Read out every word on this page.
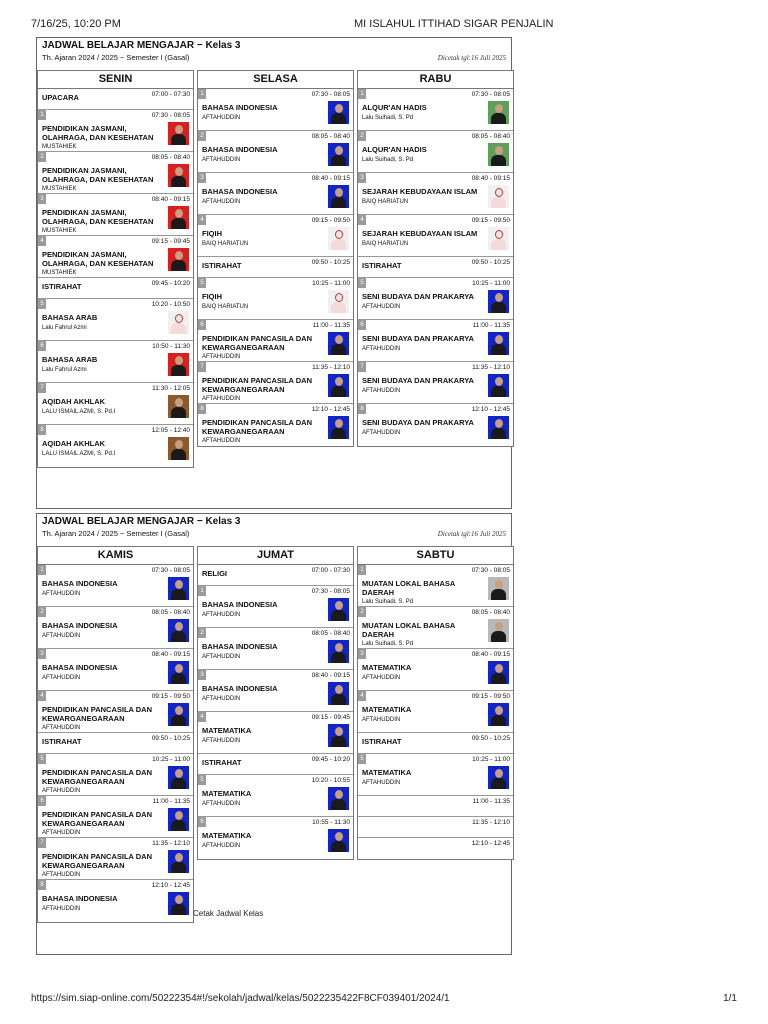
7/16/25, 10:20 PM	MI ISLAHUL ITTIHAD SIGAR PENJALIN
JADWAL BELAJAR MENGAJAR − Kelas 3
Th. Ajaran 2024 / 2025 − Semester I (Gasal)	Dicetak tgl:16 Juli 2025
SENIN
07:00 - 07:30
UPACARA
1	07:30 - 08:05
PENDIDIKAN JASMANI, OLAHRAGA, DAN KESEHATAN
MUSTAHIEK
2	08:05 - 08:40
PENDIDIKAN JASMANI, OLAHRAGA, DAN KESEHATAN
MUSTAHIEK
3	08:40 - 09:15
PENDIDIKAN JASMANI, OLAHRAGA, DAN KESEHATAN
MUSTAHIEK
4	09:15 - 09:45
PENDIDIKAN JASMANI, OLAHRAGA, DAN KESEHATAN
MUSTAHIEK
09:45 - 10:20
ISTIRAHAT
5	10:20 - 10:50
BAHASA ARAB
Lalu Fahrul Azmi
6	10:50 - 11:30
BAHASA ARAB
Lalu Fahrul Azmi
7	11:30 - 12:05
AQIDAH AKHLAK
LALU ISMAIL AZMI, S. Pd.I
8	12:05 - 12:40
AQIDAH AKHLAK
LALU ISMAIL AZMI, S. Pd.I
SELASA
1	07:30 - 08:05
BAHASA INDONESIA
AFTAHUDDIN
2	08:05 - 08:40
BAHASA INDONESIA
AFTAHUDDIN
3	08:40 - 09:15
BAHASA INDONESIA
AFTAHUDDIN
4	09:15 - 09:50
FIQIH
BAIQ HARIATUN
09:50 - 10:25
ISTIRAHAT
5	10:25 - 11:00
FIQIH
BAIQ HARIATUN
6	11:00 - 11:35
PENDIDIKAN PANCASILA DAN KEWARGANEGARAAN
AFTAHUDDIN
7	11:35 - 12:10
PENDIDIKAN PANCASILA DAN KEWARGANEGARAAN
AFTAHUDDIN
8	12:10 - 12:45
PENDIDIKAN PANCASILA DAN KEWARGANEGARAAN
AFTAHUDDIN
RABU
1	07:30 - 08:05
ALQUR'AN HADIS
Lalu Suihadi, S. Pd
2	08:05 - 08:40
ALQUR'AN HADIS
Lalu Suihadi, S. Pd
3	08:40 - 09:15
SEJARAH KEBUDAYAAN ISLAM
BAIQ HARIATUN
4	09:15 - 09:50
SEJARAH KEBUDAYAAN ISLAM
BAIQ HARIATUN
09:50 - 10:25
ISTIRAHAT
5	10:25 - 11:00
SENI BUDAYA DAN PRAKARYA
AFTAHUDDIN
6	11:00 - 11:35
SENI BUDAYA DAN PRAKARYA
AFTAHUDDIN
7	11:35 - 12:10
SENI BUDAYA DAN PRAKARYA
AFTAHUDDIN
8	12:10 - 12:45
SENI BUDAYA DAN PRAKARYA
AFTAHUDDIN
JADWAL BELAJAR MENGAJAR − Kelas 3
Th. Ajaran 2024 / 2025 − Semester I (Gasal)	Dicetak tgl:16 Juli 2025
KAMIS
1	07:30 - 08:05
BAHASA INDONESIA
AFTAHUDDIN
2	08:05 - 08:40
BAHASA INDONESIA
AFTAHUDDIN
3	08:40 - 09:15
BAHASA INDONESIA
AFTAHUDDIN
4	09:15 - 09:50
PENDIDIKAN PANCASILA DAN KEWARGANEGARAAN
AFTAHUDDIN
09:50 - 10:25
ISTIRAHAT
5	10:25 - 11:00
PENDIDIKAN PANCASILA DAN KEWARGANEGARAAN
AFTAHUDDIN
6	11:00 - 11:35
PENDIDIKAN PANCASILA DAN KEWARGANEGARAAN
AFTAHUDDIN
7	11:35 - 12:10
PENDIDIKAN PANCASILA DAN KEWARGANEGARAAN
AFTAHUDDIN
8	12:10 - 12:45
BAHASA INDONESIA
AFTAHUDDIN
JUMAT
07:00 - 07:30
RELIGI
1	07:30 - 08:05
BAHASA INDONESIA
AFTAHUDDIN
2	08:05 - 08:40
BAHASA INDONESIA
AFTAHUDDIN
3	08:40 - 09:15
BAHASA INDONESIA
AFTAHUDDIN
4	09:15 - 09:45
MATEMATIKA
AFTAHUDDIN
09:45 - 10:20
ISTIRAHAT
5	10:20 - 10:55
MATEMATIKA
AFTAHUDDIN
6	10:55 - 11:30
MATEMATIKA
AFTAHUDDIN
SABTU
1	07:30 - 08:05
MUATAN LOKAL BAHASA DAERAH
Lalu Suihadi, S. Pd
2	08:05 - 08:40
MUATAN LOKAL BAHASA DAERAH
Lalu Suihadi, S. Pd
3	08:40 - 09:15
MATEMATIKA
AFTAHUDDIN
4	09:15 - 09:50
MATEMATIKA
AFTAHUDDIN
09:50 - 10:25
ISTIRAHAT
5	10:25 - 11:00
MATEMATIKA
AFTAHUDDIN
11:00 - 11:35
11:35 - 12:10
12:10 - 12:45
Cetak Jadwal Kelas
https://sim.siap-online.com/50222354#!/sekolah/jadwal/kelas/5022235422F8CF039401/2024/1	1/1
